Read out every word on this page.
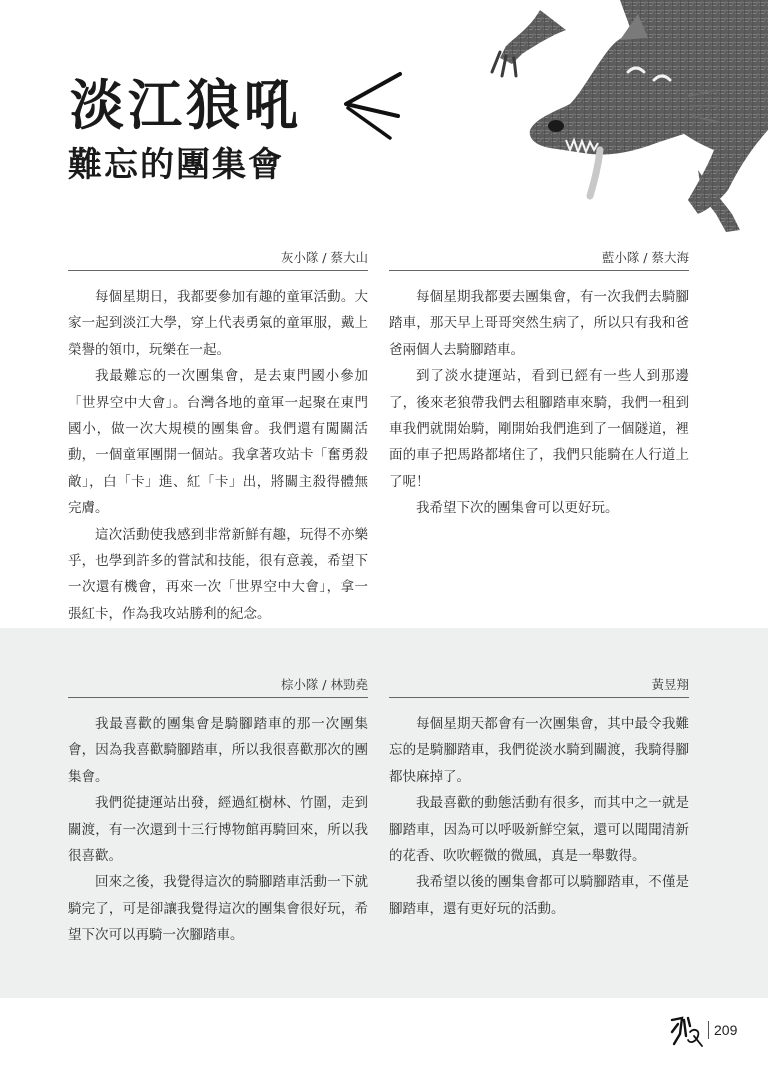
淡江狼吼
難忘的團集會
灰小隊 / 蔡大山

每個星期日，我都要參加有趣的童軍活動。大家一起到淡江大學，穿上代表勇氣的童軍服，戴上榮譽的領巾，玩樂在一起。

我最難忘的一次團集會，是去東門國小參加「世界空中大會」。台灣各地的童軍一起聚在東門國小，做一次大規模的團集會。我們還有闖關活動，一個童軍團開一個站。我拿著攻站卡「奮勇殺敵」，白「卡」進、紅「卡」出，將關主殺得體無完膚。

這次活動使我感到非常新鮮有趣，玩得不亦樂乎，也學到許多的嘗試和技能，很有意義，希望下一次還有機會，再來一次「世界空中大會」，拿一張紅卡，作為我攻站勝利的紀念。

藍小隊 / 蔡大海

每個星期我都要去團集會，有一次我們去騎腳踏車，那天早上哥哥突然生病了，所以只有我和爸爸兩個人去騎腳踏車。

到了淡水捷運站，看到已經有一些人到那邊了，後來老狼帶我們去租腳踏車來騎，我們一租到車我們就開始騎，剛開始我們進到了一個隧道，裡面的車子把馬路都堵住了，我們只能騎在人行道上了呢！

我希望下次的團集會可以更好玩。

棕小隊 / 林勁堯

我最喜歡的團集會是騎腳踏車的那一次團集會，因為我喜歡騎腳踏車，所以我很喜歡那次的團集會。

我們從捷運站出發，經過紅樹林、竹圍，走到關渡，有一次還到十三行博物館再騎回來，所以我很喜歡。

回來之後，我覺得這次的騎腳踏車活動一下就騎完了，可是卻讓我覺得這次的團集會很好玩，希望下次可以再騎一次腳踏車。

黃昱翔

每個星期天都會有一次團集會，其中最令我難忘的是騎腳踏車，我們從淡水騎到關渡，我騎得腳都快麻掉了。

我最喜歡的動態活動有很多，而其中之一就是腳踏車，因為可以呼吸新鮮空氣，還可以聞聞清新的花香、吹吹輕微的微風，真是一舉數得。

我希望以後的團集會都可以騎腳踏車，不僅是腳踏車，還有更好玩的活動。

209
